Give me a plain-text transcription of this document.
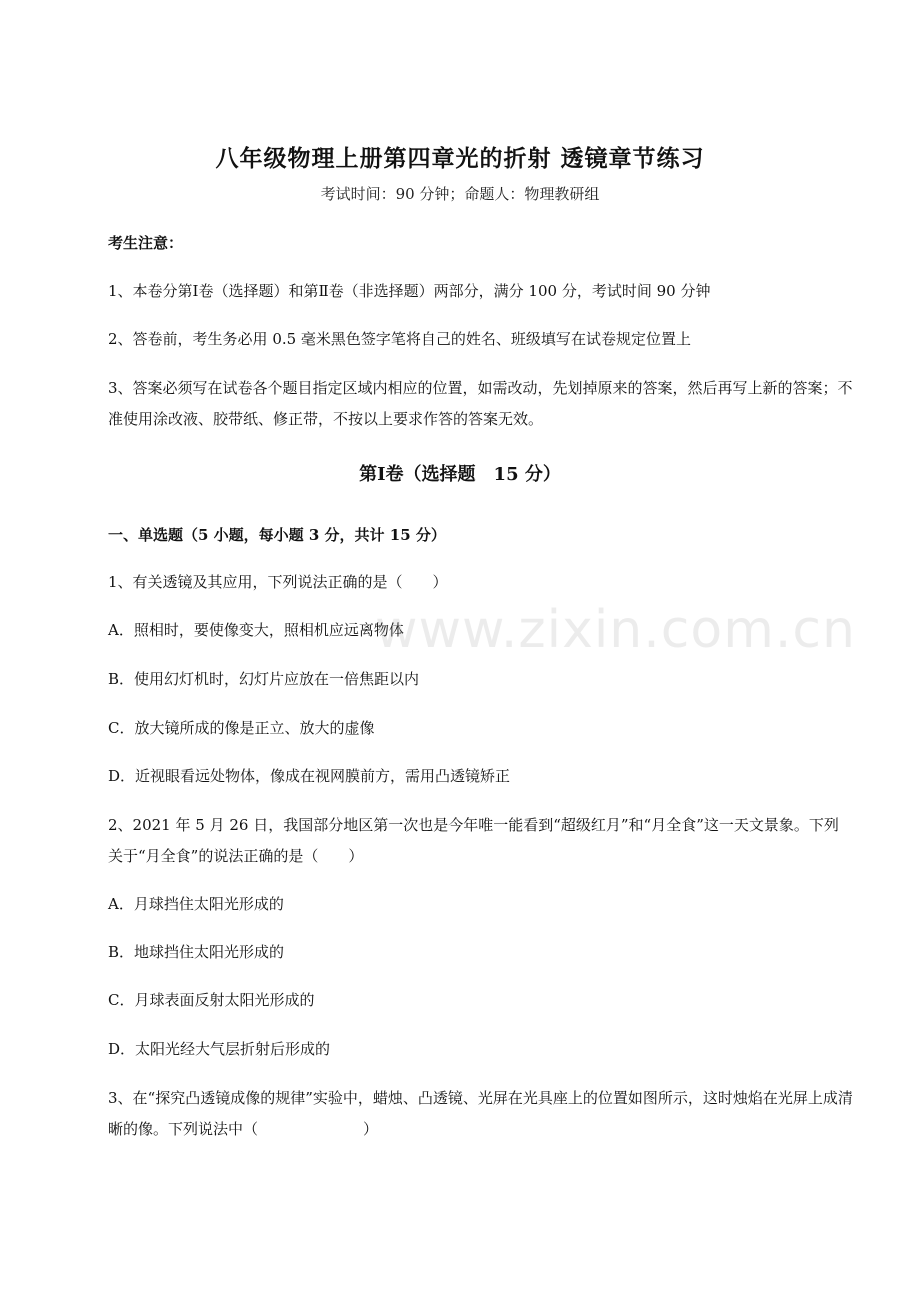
八年级物理上册第四章光的折射 透镜章节练习
考试时间：90 分钟；命题人：物理教研组
考生注意：
1、本卷分第Ⅰ卷（选择题）和第Ⅱ卷（非选择题）两部分，满分 100 分，考试时间 90 分钟
2、答卷前，考生务必用 0.5 毫米黑色签字笔将自己的姓名、班级填写在试卷规定位置上
3、答案必须写在试卷各个题目指定区域内相应的位置，如需改动，先划掉原来的答案，然后再写上新的答案；不准使用涂改液、胶带纸、修正带，不按以上要求作答的答案无效。
第Ⅰ卷（选择题　15 分）
一、单选题（5 小题，每小题 3 分，共计 15 分）
1、有关透镜及其应用，下列说法正确的是（　　）
A．照相时，要使像变大，照相机应远离物体
B．使用幻灯机时，幻灯片应放在一倍焦距以内
C．放大镜所成的像是正立、放大的虚像
D．近视眼看远处物体，像成在视网膜前方，需用凸透镜矫正
2、2021 年 5 月 26 日，我国部分地区第一次也是今年唯一能看到“超级红月”和“月全食”这一天文景象。下列关于“月全食”的说法正确的是（　　）
A．月球挡住太阳光形成的
B．地球挡住太阳光形成的
C．月球表面反射太阳光形成的
D．太阳光经大气层折射后形成的
3、在“探究凸透镜成像的规律”实验中，蜡烛、凸透镜、光屏在光具座上的位置如图所示，这时烛焰在光屏上成清晰的像。下列说法中（　　　　　　　）
www.zixin.com.cn
